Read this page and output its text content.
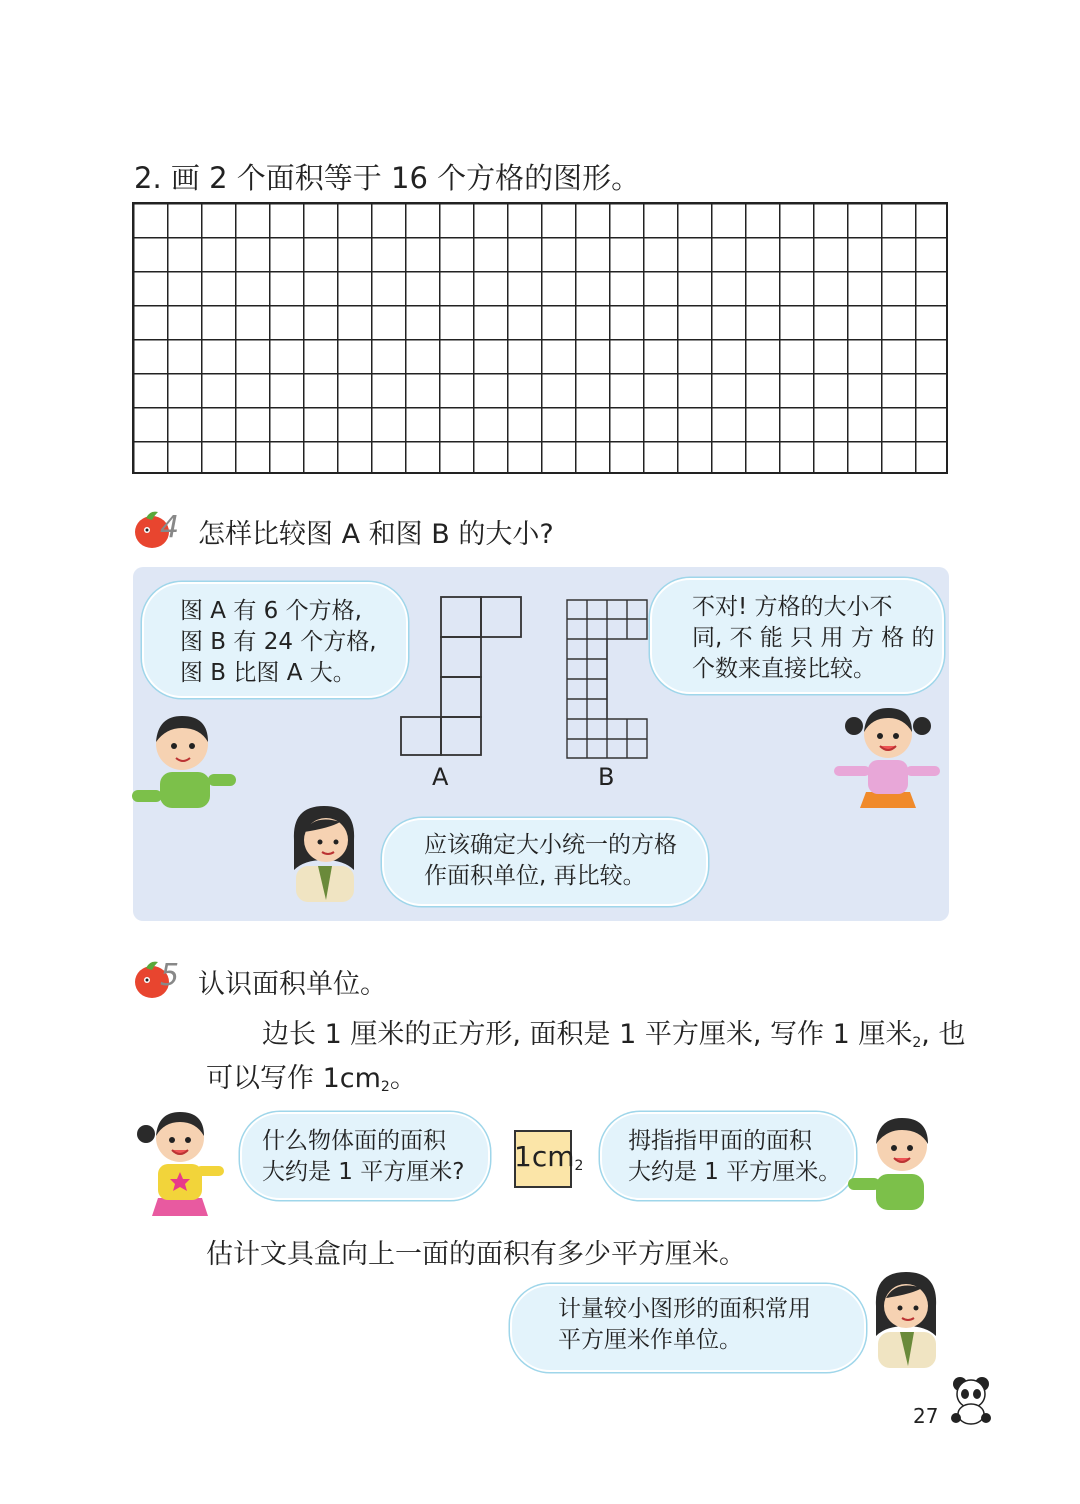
2. 画 2 个面积等于 16 个方格的图形。
4 怎样比较图 A 和图 B 的大小?
图 A 有 6 个方格,
图 B 有 24 个方格,
图 B 比图 A 大。
不对! 方格的大小不
同, 不 能 只 用 方 格 的
个数来直接比较。
A	B
应该确定大小统一的方格
作面积单位, 再比较。
5 认识面积单位。
边长 1 厘米的正方形, 面积是 1 平方厘米, 写作 1 厘米$^2$, 也
可以写作 $1cm^2$。
什么物体面的面积
大约是 1 平方厘米? $1cm^2$
拇指指甲面的面积
大约是 1 平方厘米。
估计文具盒向上一面的面积有多少平方厘米。
计量较小图形的面积常用
平方厘米作单位。
27
